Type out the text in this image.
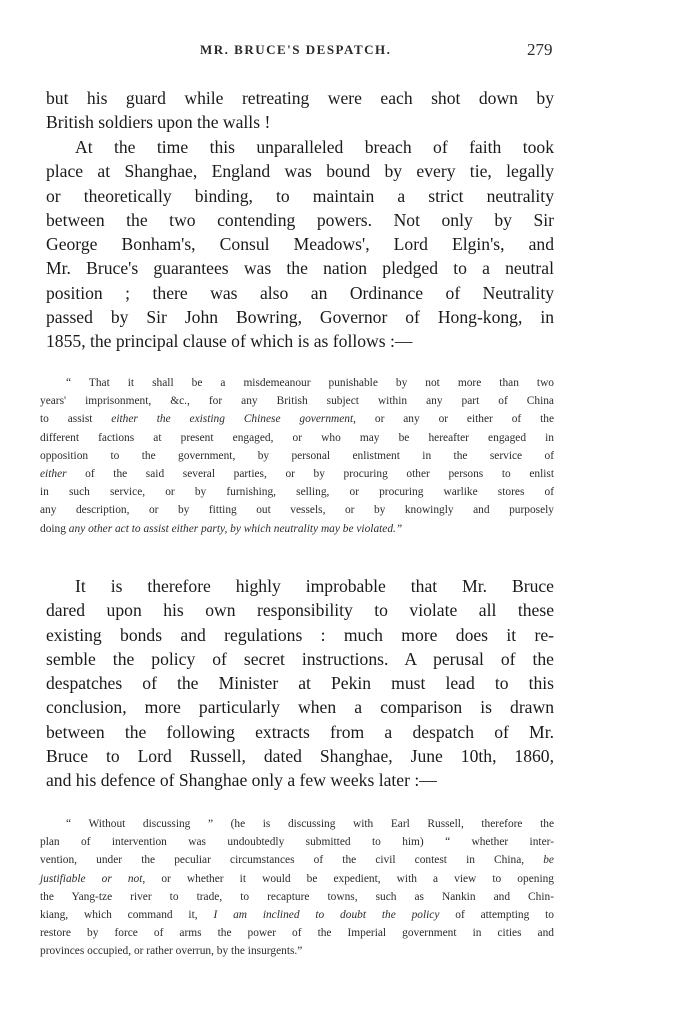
MR. BRUCE'S DESPATCH.	279
but his guard while retreating were each shot down by
British soldiers upon the walls !
At the time this unparalleled breach of faith took
place at Shanghae, England was bound by every tie, legally
or theoretically binding, to maintain a strict neutrality
between the two contending powers. Not only by Sir
George Bonham's, Consul Meadows', Lord Elgin's, and
Mr. Bruce's guarantees was the nation pledged to a neutral
position ; there was also an Ordinance of Neutrality
passed by Sir John Bowring, Governor of Hong-kong, in
1855, the principal clause of which is as follows :—
“ That it shall be a misdemeanour punishable by not more than two
years' imprisonment, &c., for any British subject within any part of China
to assist either the existing Chinese government, or any or either of the
different factions at present engaged, or who may be hereafter engaged in
opposition to the government, by personal enlistment in the service of
either of the said several parties, or by procuring other persons to enlist
in such service, or by furnishing, selling, or procuring warlike stores of
any description, or by fitting out vessels, or by knowingly and purposely
doing any other act to assist either party, by which neutrality may be violated.”
It is therefore highly improbable that Mr. Bruce
dared upon his own responsibility to violate all these
existing bonds and regulations : much more does it re-
semble the policy of secret instructions. A perusal of the
despatches of the Minister at Pekin must lead to this
conclusion, more particularly when a comparison is drawn
between the following extracts from a despatch of Mr.
Bruce to Lord Russell, dated Shanghae, June 10th, 1860,
and his defence of Shanghae only a few weeks later :—
“ Without discussing ” (he is discussing with Earl Russell, therefore the
plan of intervention was undoubtedly submitted to him) “ whether inter-
vention, under the peculiar circumstances of the civil contest in China, be
justifiable or not, or whether it would be expedient, with a view to opening
the Yang-tze river to trade, to recapture towns, such as Nankin and Chin-
kiang, which command it, I am inclined to doubt the policy of attempting to
restore by force of arms the power of the Imperial government in cities and
provinces occupied, or rather overrun, by the insurgents.”
